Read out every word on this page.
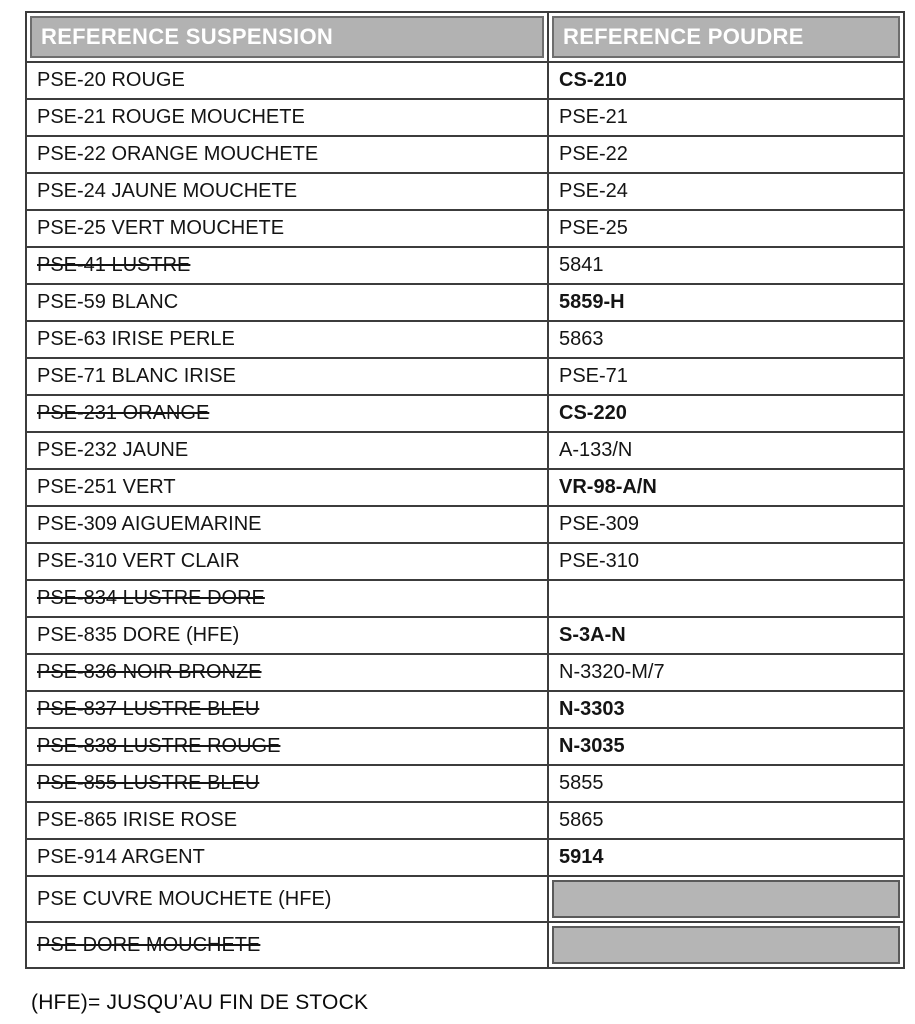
REFERENCE SUSPENSION	REFERENCE POUDRE

PSE-20 ROUGE	CS-210
PSE-21 ROUGE MOUCHETE	PSE-21
PSE-22 ORANGE MOUCHETE	PSE-22
PSE-24 JAUNE MOUCHETE	PSE-24
PSE-25 VERT MOUCHETE	PSE-25
PSE-41 LUSTRE	5841
PSE-59 BLANC	5859-H
PSE-63 IRISE PERLE	5863
PSE-71 BLANC IRISE	PSE-71
PSE-231 ORANGE	CS-220
PSE-232 JAUNE	A-133/N
PSE-251 VERT	VR-98-A/N
PSE-309 AIGUEMARINE	PSE-309
PSE-310 VERT CLAIR	PSE-310
PSE-834 LUSTRE DORE	
PSE-835 DORE (HFE)	S-3A-N
PSE-836 NOIR BRONZE	N-3320-M/7
PSE-837 LUSTRE BLEU	N-3303
PSE-838 LUSTRE ROUGE	N-3035
PSE-855 LUSTRE BLEU	5855
PSE-865 IRISE ROSE	5865
PSE-914 ARGENT	5914
PSE CUVRE MOUCHETE (HFE)	

PSE DORE MOUCHETE	
(HFE)= JUSQU’AU FIN DE STOCK
